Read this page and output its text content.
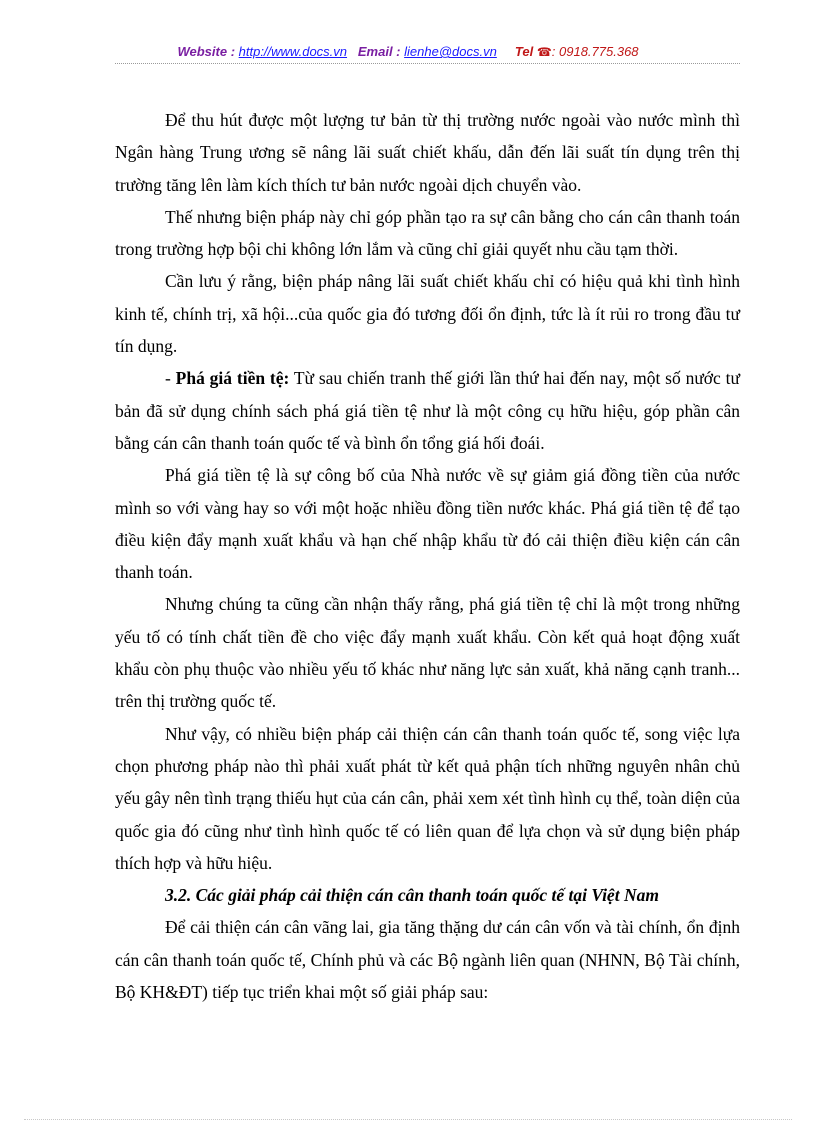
Website : http://www.docs.vn Email : lienhe@docs.vn Tel ☎: 0918.775.368

Để thu hút được một lượng tư bản từ thị trường nước ngoài vào nước mình thì Ngân hàng Trung ương sẽ nâng lãi suất chiết khấu, dẫn đến lãi suất tín dụng trên thị trường tăng lên làm kích thích tư bản nước ngoài dịch chuyển vào.

Thế nhưng biện pháp này chỉ góp phần tạo ra sự cân bằng cho cán cân thanh toán trong trường hợp bội chi không lớn lắm và cũng chỉ giải quyết nhu cầu tạm thời.

Cần lưu ý rằng, biện pháp nâng lãi suất chiết khấu chỉ có hiệu quả khi tình hình kinh tế, chính trị, xã hội...của quốc gia đó tương đối ổn định, tức là ít rủi ro trong đầu tư tín dụng.

- Phá giá tiền tệ: Từ sau chiến tranh thế giới lần thứ hai đến nay, một số nước tư bản đã sử dụng chính sách phá giá tiền tệ như là một công cụ hữu hiệu, góp phần cân bằng cán cân thanh toán quốc tế và bình ổn tổng giá hối đoái.

Phá giá tiền tệ là sự công bố của Nhà nước về sự giảm giá đồng tiền của nước mình so với vàng hay so với một hoặc nhiều đồng tiền nước khác. Phá giá tiền tệ để tạo điều kiện đẩy mạnh xuất khẩu và hạn chế nhập khẩu từ đó cải thiện điều kiện cán cân thanh toán.

Nhưng chúng ta cũng cần nhận thấy rằng, phá giá tiền tệ chỉ là một trong những yếu tố có tính chất tiền đề cho việc đẩy mạnh xuất khẩu. Còn kết quả hoạt động xuất khẩu còn phụ thuộc vào nhiều yếu tố khác như năng lực sản xuất, khả năng cạnh tranh... trên thị trường quốc tế.

Như vậy, có nhiều biện pháp cải thiện cán cân thanh toán quốc tế, song việc lựa chọn phương pháp nào thì phải xuất phát từ kết quả phận tích những nguyên nhân chủ yếu gây nên tình trạng thiếu hụt của cán cân, phải xem xét tình hình cụ thể, toàn diện của quốc gia đó cũng như tình hình quốc tế có liên quan để lựa chọn và sử dụng biện pháp thích hợp và hữu hiệu.

3.2. Các giải pháp cải thiện cán cân thanh toán quốc tế tại Việt Nam

Để cải thiện cán cân vãng lai, gia tăng thặng dư cán cân vốn và tài chính, ổn định cán cân thanh toán quốc tế, Chính phủ và các Bộ ngành liên quan (NHNN, Bộ Tài chính, Bộ KH&ĐT) tiếp tục triển khai một số giải pháp sau:
